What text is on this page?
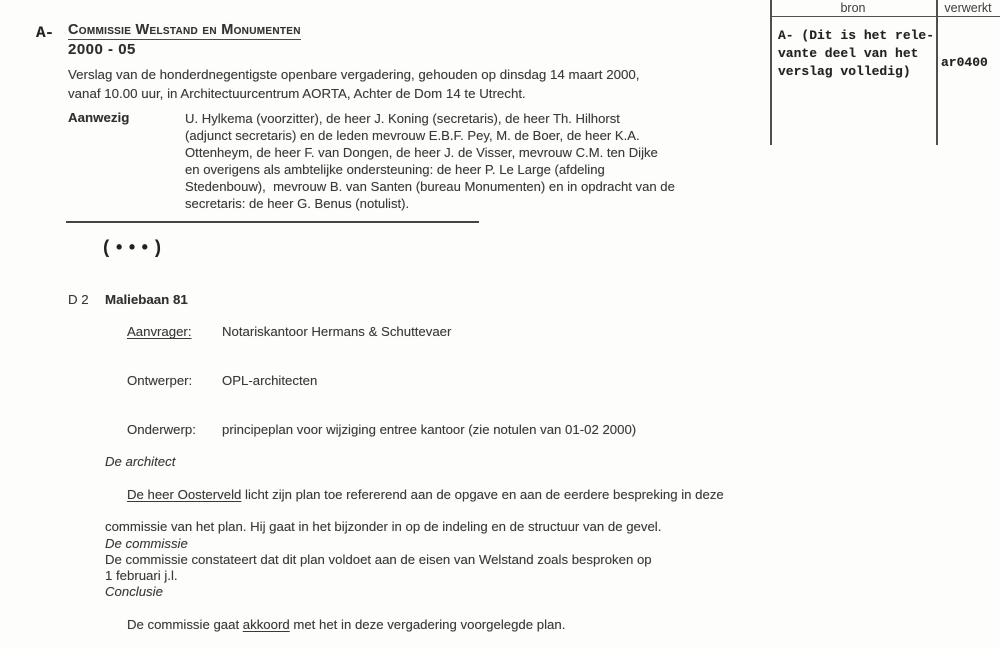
A- Commissie Welstand en Monumenten
2000 - 05
Verslag van de honderdnegentigste openbare vergadering, gehouden op dinsdag 14 maart 2000,
vanaf 10.00 uur, in Architectuurcentrum AORTA, Achter de Dom 14 te Utrecht.
Aanwezig	U. Hylkema (voorzitter), de heer J. Koning (secretaris), de heer Th. Hilhorst
(adjunct secretaris) en de leden mevrouw E.B.F. Pey, M. de Boer, de heer K.A.
Ottenheym, de heer F. van Dongen, de heer J. de Visser, mevrouw C.M. ten Dijke
en overigens als ambtelijke ondersteuning: de heer P. Le Large (afdeling
Stedenbouw),  mevrouw B. van Santen (bureau Monumenten) en in opdracht van de
secretaris: de heer G. Benus (notulist).
(•••)
D 2 Maliebaan 81

Aanvrager: Notariskantoor Hermans & Schuttevaer

Ontwerper: OPL-architecten

Onderwerp: principeplan voor wijziging entree kantoor (zie notulen van 01-02 2000)

De architect

De heer Oosterveld licht zijn plan toe refererend aan de opgave en aan de eerdere bespreking in deze

commissie van het plan. Hij gaat in het bijzonder in op de indeling en de structuur van de gevel.
De commissie
De commissie constateert dat dit plan voldoet aan de eisen van Welstand zoals besproken op
1 februari j.l.
Conclusie

De commissie gaat akkoord met het in deze vergadering voorgelegde plan.

bron	verwerkt
A- (Dit is het rele-
vante deel van het
verslag volledig)
ar0400
